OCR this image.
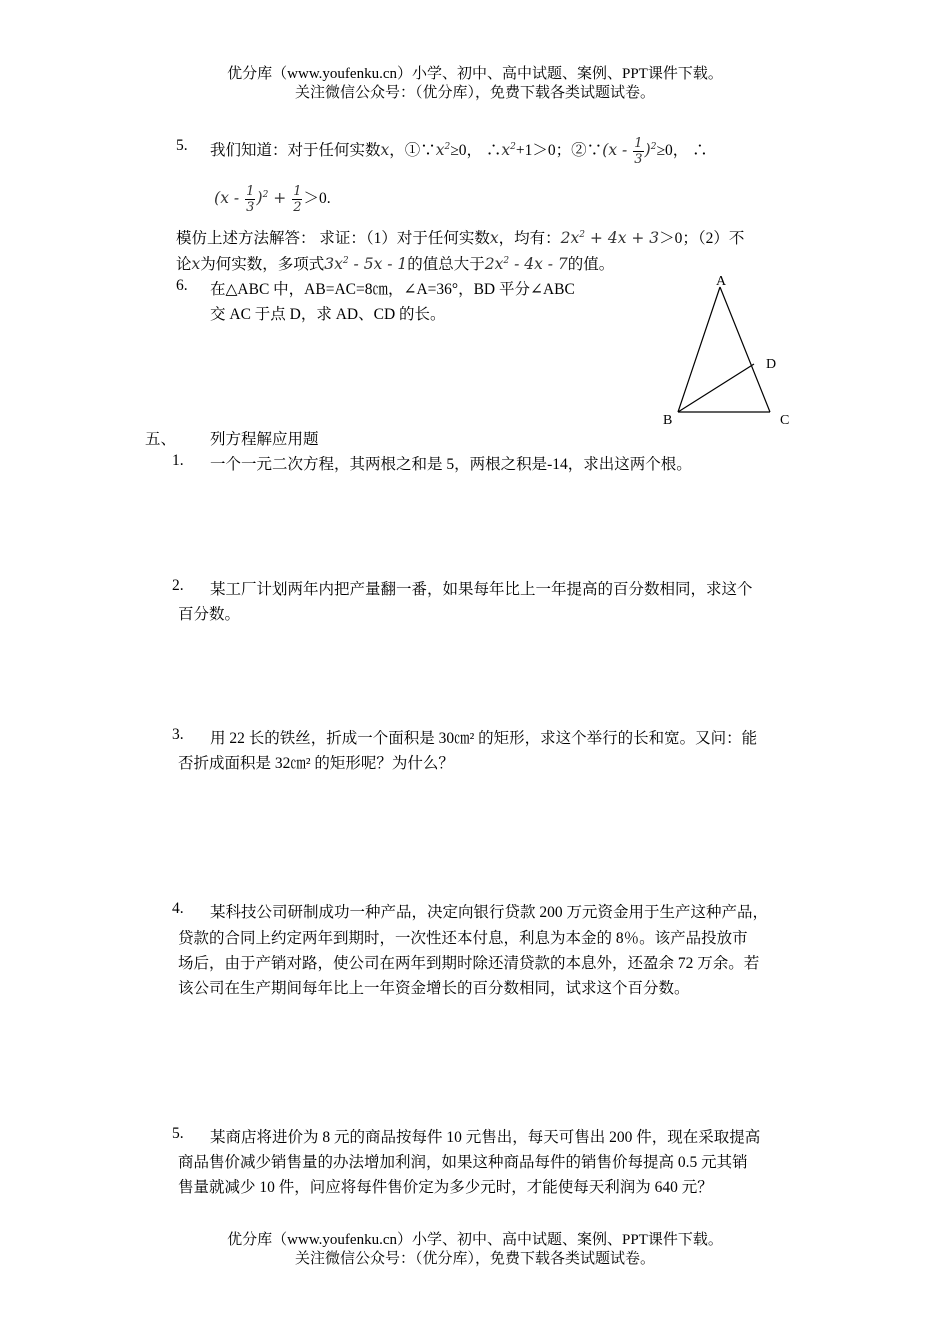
优分库（www.youfenku.cn）小学、初中、高中试题、案例、PPT课件下载。
关注微信公众号：（优分库），免费下载各类试题试卷。
5. 我们知道：对于任何实数x，$①\because x^2\ge 0$， $\therefore x^2+1>0$；②∵(x - $\frac{1}{3} )^2\ge 0$， ∴
$(x - \frac{1}{3} )^2 + \frac{1}{2} >0$.
模仿上述方法解答： 求证：（1）对于任何实数x，均有：$2x^2 + 4x + 3>0$；（2）不
论x为何实数，多项式$3x^2 - 5x - 1$的值总大于$2x^2 - 4x - 7$的值。
6. 在△ABC 中，AB=AC=8㎝，∠A=36°，BD 平分∠ABC
交 AC 于点 D，求 AD、CD 的长。
A
D
B	C
五、 列方程解应用题
1. 一个一元二次方程，其两根之和是 5，两根之积是-14，求出这两个根。
2. 某工厂计划两年内把产量翻一番，如果每年比上一年提高的百分数相同，求这个
百分数。
3. 用 22 长的铁丝，折成一个面积是 30㎝² 的矩形，求这个举行的长和宽。又问：能
否折成面积是 32㎝² 的矩形呢？为什么？
4. 某科技公司研制成功一种产品，决定向银行贷款 200 万元资金用于生产这种产品，
贷款的合同上约定两年到期时，一次性还本付息，利息为本金的 8％。该产品投放市
场后，由于产销对路，使公司在两年到期时除还清贷款的本息外，还盈余 72 万余。若
该公司在生产期间每年比上一年资金增长的百分数相同，试求这个百分数。
5. 某商店将进价为 8 元的商品按每件 10 元售出，每天可售出 200 件，现在采取提高
商品售价减少销售量的办法增加利润，如果这种商品每件的销售价每提高 0.5 元其销
售量就减少 10 件，问应将每件售价定为多少元时，才能使每天利润为 640 元？
优分库（www.youfenku.cn）小学、初中、高中试题、案例、PPT课件下载。
关注微信公众号：（优分库），免费下载各类试题试卷。
